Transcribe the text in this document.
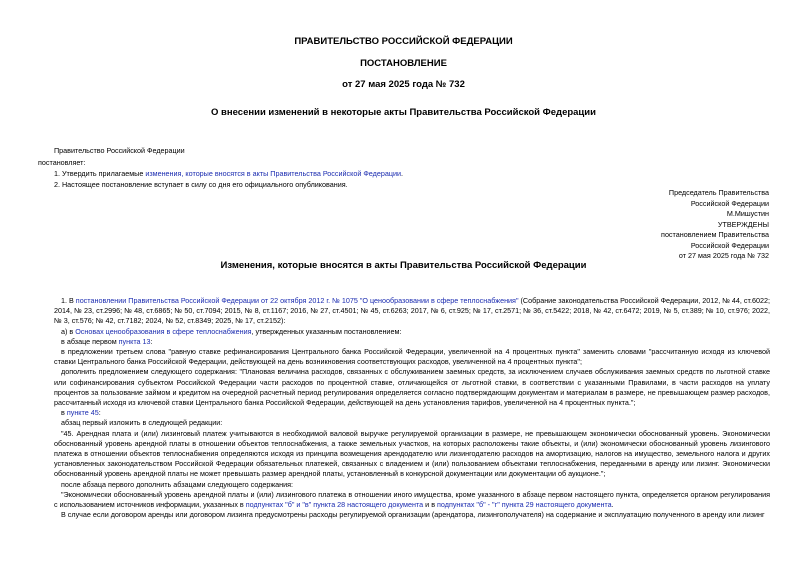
ПРАВИТЕЛЬСТВО РОССИЙСКОЙ ФЕДЕРАЦИИ
ПОСТАНОВЛЕНИЕ
от 27 мая 2025 года № 732
О внесении изменений в некоторые акты Правительства Российской Федерации
Правительство Российской Федерации
постановляет:
1. Утвердить прилагаемые изменения, которые вносятся в акты Правительства Российской Федерации.
2. Настоящее постановление вступает в силу со дня его официального опубликования.
Председатель Правительства
Российской Федерации
М.Мишустин
УТВЕРЖДЕНЫ
постановлением Правительства
Российской Федерации
от 27 мая 2025 года № 732
Изменения, которые вносятся в акты Правительства Российской Федерации

1. В постановлении Правительства Российской Федерации от 22 октября 2012 г. № 1075 "О ценообразовании в сфере теплоснабжения" (Собрание законодательства Российской Федерации, 2012, № 44, ст.6022; 2014, № 23, ст.2996; № 48, ст.6865; № 50, ст.7094; 2015, № 8, ст.1167; 2016, № 27, ст.4501; № 45, ст.6263; 2017, № 6, ст.925; № 17, ст.2571; № 36, ст.5422; 2018, № 42, ст.6472; 2019, № 5, ст.389; № 10, ст.976; 2022, № 3, ст.576; № 42, ст.7182; 2024, № 52, ст.8349; 2025, № 17, ст.2152):

а) в Основах ценообразования в сфере теплоснабжения, утвержденных указанным постановлением:

в абзаце первом пункта 13:

в предложении третьем слова "равную ставке рефинансирования Центрального банка Российской Федерации, увеличенной на 4 процентных пункта" заменить словами "рассчитанную исходя из ключевой ставки Центрального банка Российской Федерации, действующей на день возникновения соответствующих расходов, увеличенной на 4 процентных пункта";

дополнить предложением следующего содержания: "Плановая величина расходов, связанных с обслуживанием заемных средств, за исключением случаев обслуживания заемных средств по льготной ставке или софинансирования субъектом Российской Федерации части расходов по процентной ставке, отличающейся от льготной ставки, в соответствии с указанными Правилами, в части расходов на уплату процентов за пользование займом и кредитом на очередной расчетный период регулирования определяется согласно подтверждающим документам и материалам в размере, не превышающем размер расходов, рассчитанный исходя из ключевой ставки Центрального банка Российской Федерации, действующей на день установления тарифов, увеличенной на 4 процентных пункта.";

в пункте 45:

абзац первый изложить в следующей редакции:

"45. Арендная плата и (или) лизинговый платеж учитываются в необходимой валовой выручке регулируемой организации в размере, не превышающем экономически обоснованный уровень. Экономически обоснованный уровень арендной платы в отношении объектов теплоснабжения, а также земельных участков, на которых расположены такие объекты, и (или) экономически обоснованный уровень лизингового платежа в отношении объектов теплоснабжения определяются исходя из принципа возмещения арендодателю или лизингодателю расходов на амортизацию, налогов на имущество, земельного налога и других установленных законодательством Российской Федерации обязательных платежей, связанных с владением и (или) пользованием объектами теплоснабжения, переданными в аренду или лизинг. Экономически обоснованный уровень арендной платы не может превышать размер арендной платы, установленный в конкурсной документации или документации об аукционе.";

после абзаца первого дополнить абзацами следующего содержания:

"Экономически обоснованный уровень арендной платы и (или) лизингового платежа в отношении иного имущества, кроме указанного в абзаце первом настоящего пункта, определяется органом регулирования с использованием источников информации, указанных в подпунктах "б" и "в" пункта 28 настоящего документа и в подпунктах "б" - "г" пункта 29 настоящего документа.

В случае если договором аренды или договором лизинга предусмотрены расходы регулируемой организации (арендатора, лизингополучателя) на содержание и эксплуатацию полученного в аренду или лизинг
